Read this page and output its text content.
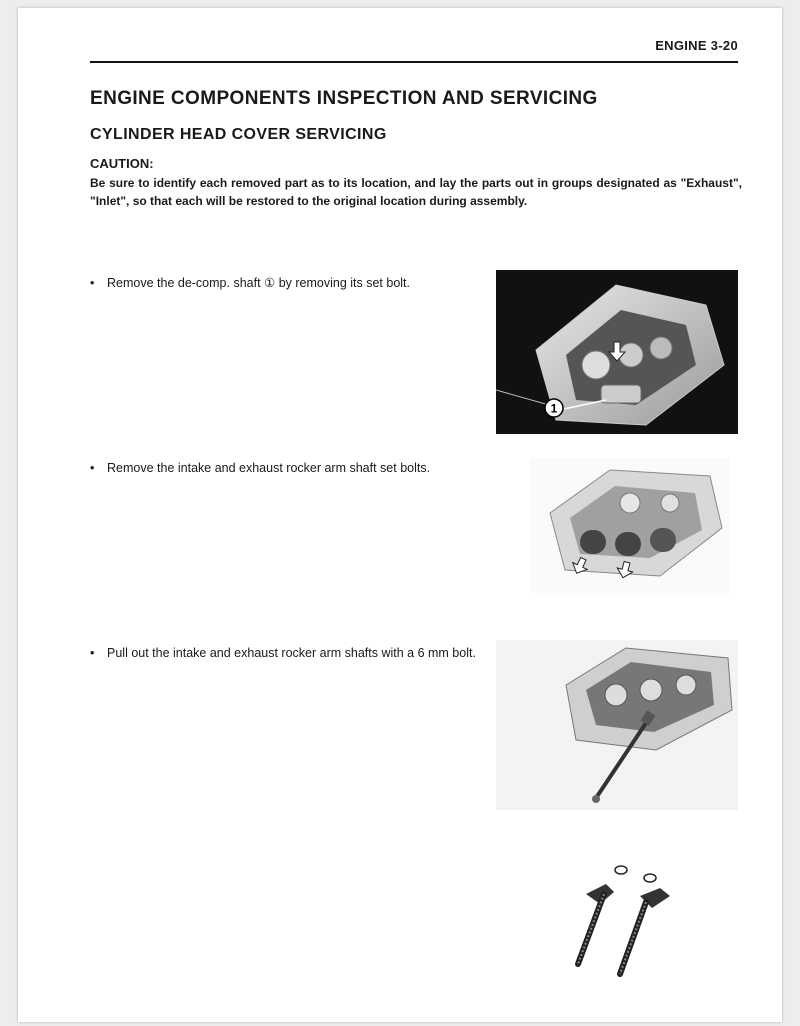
ENGINE 3-20
ENGINE COMPONENTS INSPECTION AND SERVICING
CYLINDER HEAD COVER SERVICING
CAUTION:
Be sure to identify each removed part as to its location, and lay the parts out in groups designated as "Exhaust", "Inlet", so that each will be restored to the original location during assembly.
•	Remove the de-comp. shaft ① by removing its set bolt.
•	Remove the intake and exhaust rocker arm shaft set bolts.
•	Pull out the intake and exhaust rocker arm shafts with a 6 mm bolt.
1
